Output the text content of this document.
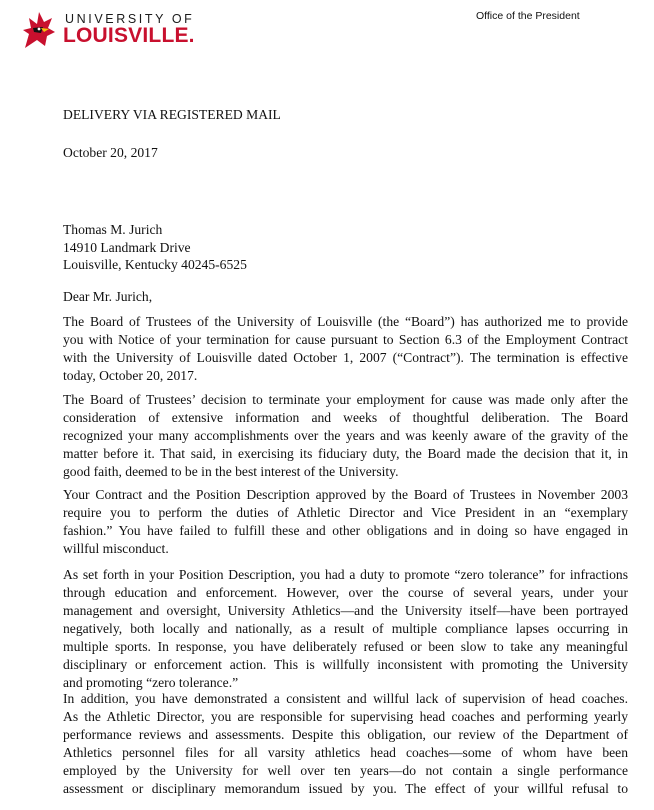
UNIVERSITY OF
LOUISVILLE.
Office of the President
DELIVERY VIA REGISTERED MAIL
October 20, 2017
Thomas M. Jurich
14910 Landmark Drive
Louisville, Kentucky 40245-6525
Dear Mr. Jurich,
The Board of Trustees of the University of Louisville (the “Board”) has authorized me to provide
you with Notice of your termination for cause pursuant to Section 6.3 of the Employment Contract
with the University of Louisville dated October 1, 2007 (“Contract”). The termination is effective
today, October 20, 2017.
The Board of Trustees’ decision to terminate your employment for cause was made only after the
consideration of extensive information and weeks of thoughtful deliberation. The Board
recognized your many accomplishments over the years and was keenly aware of the gravity of the
matter before it. That said, in exercising its fiduciary duty, the Board made the decision that it, in
good faith, deemed to be in the best interest of the University.
Your Contract and the Position Description approved by the Board of Trustees in November 2003
require you to perform the duties of Athletic Director and Vice President in an “exemplary
fashion.” You have failed to fulfill these and other obligations and in doing so have engaged in
willful misconduct.
As set forth in your Position Description, you had a duty to promote “zero tolerance” for infractions
through education and enforcement. However, over the course of several years, under your
management and oversight, University Athletics—and the University itself—have been portrayed
negatively, both locally and nationally, as a result of multiple compliance lapses occurring in
multiple sports. In response, you have deliberately refused or been slow to take any meaningful
disciplinary or enforcement action. This is willfully inconsistent with promoting the University
and promoting “zero tolerance.”
In addition, you have demonstrated a consistent and willful lack of supervision of head coaches.
As the Athletic Director, you are responsible for supervising head coaches and performing yearly
performance reviews and assessments. Despite this obligation, our review of the Department of
Athletics personnel files for all varsity athletics head coaches—some of whom have been
employed by the University for well over ten years—do not contain a single performance
assessment or disciplinary memorandum issued by you. The effect of your willful refusal to
